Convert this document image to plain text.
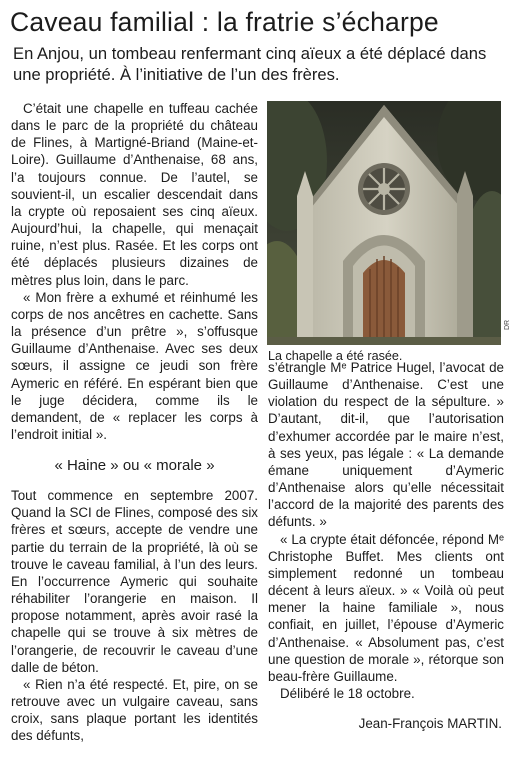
Caveau familial : la fratrie s’écharpe

En Anjou, un tombeau renfermant cinq aïeux a été déplacé dans une propriété. À l’initiative de l’un des frères.

C’était une chapelle en tuffeau cachée dans le parc de la propriété du château de Flines, à Martigné-Briand (Maine-et-Loire). Guillaume d’Anthenaise, 68 ans, l’a toujours connue. De l’autel, se souvient-il, un escalier descendait dans la crypte où reposaient ses cinq aïeux. Aujourd’hui, la chapelle, qui menaçait ruine, n’est plus. Rasée. Et les corps ont été déplacés plusieurs dizaines de mètres plus loin, dans le parc.

« Mon frère a exhumé et réinhumé les corps de nos ancêtres en cachette. Sans la présence d’un prêtre », s’offusque Guillaume d’Anthenaise. Avec ses deux sœurs, il assigne ce jeudi son frère Aymeric en référé. En espérant bien que le juge décidera, comme ils le demandent, de « replacer les corps à l’endroit initial ».

« Haine » ou « morale »

Tout commence en septembre 2007. Quand la SCI de Flines, composé des six frères et sœurs, accepte de vendre une partie du terrain de la propriété, là où se trouve le caveau familial, à l’un des leurs. En l’occurrence Aymeric qui souhaite réhabiliter l’orangerie en maison. Il propose notamment, après avoir rasé la chapelle qui se trouve à six mètres de l’orangerie, de recouvrir le caveau d’une dalle de béton.

« Rien n’a été respecté. Et, pire, on se retrouve avec un vulgaire caveau, sans croix, sans plaque portant les identités des défunts,

DR
La chapelle a été rasée.

s’étrangle Mᵉ Patrice Hugel, l’avocat de Guillaume d’Anthenaise. C’est une violation du respect de la sépulture. » D’autant, dit-il, que l’autorisation d’exhumer accordée par le maire n’est, à ses yeux, pas légale : « La demande émane uniquement d’Aymeric d’Anthenaise alors qu’elle nécessitait l’accord de la majorité des parents des défunts. »

« La crypte était défoncée, répond Mᵉ Christophe Buffet. Mes clients ont simplement redonné un tombeau décent à leurs aïeux. » « Voilà où peut mener la haine familiale », nous confiait, en juillet, l’épouse d’Aymeric d’Anthenaise. « Absolument pas, c’est une question de morale », rétorque son beau-frère Guillaume.

Délibéré le 18 octobre.

Jean-François MARTIN.
